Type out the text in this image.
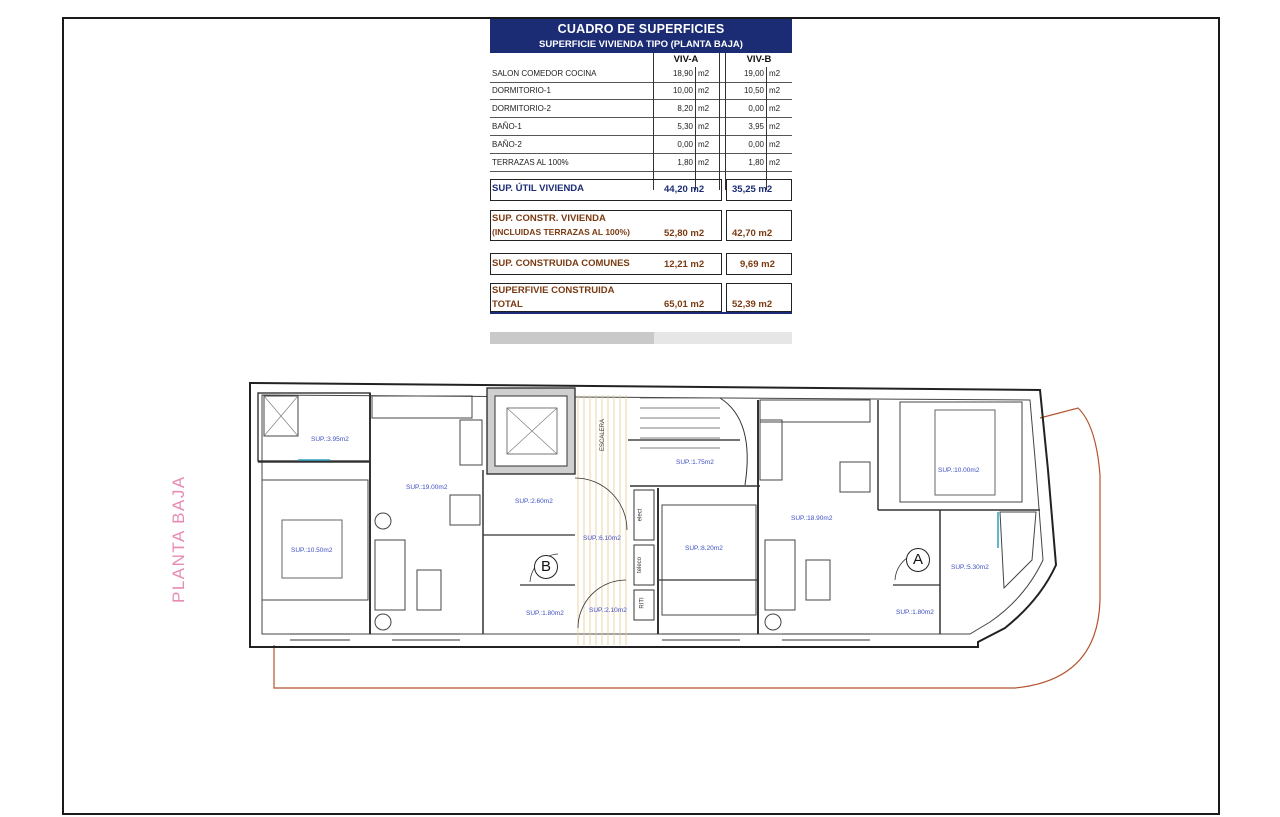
CUADRO DE SUPERFICIES
SUPERFICIE VIVIENDA TIPO (PLANTA BAJA)
VIV-A	VIV-B
SALON COMEDOR COCINA	18,90 m2	19,00 m2
DORMITORIO-1	10,00 m2	10,50 m2
DORMITORIO-2	8,20 m2	0,00 m2
BAÑO-1	5,30 m2	3,95 m2
BAÑO-2	0,00 m2	0,00 m2
TERRAZAS AL 100%	1,80 m2	1,80 m2
SUP. ÚTIL VIVIENDA	44,20 m2	35,25 m2
SUP. CONSTR. VIVIENDA
(INCLUIDAS TERRAZAS AL 100%)	52,80 m2	42,70 m2
SUP. CONSTRUIDA COMUNES	12,21 m2	9,69 m2
SUPERFIVIE CONSTRUIDA
TOTAL	65,01 m2	52,39 m2
PLANTA BAJA
SUP.:3.95m2
SUP.:19.00m2
SUP.:10.50m2
SUP.:2.60m2
SUP.:1.80m2
SUP.:1.75m2
SUP.:6.10m2
SUP.:2.10m2
SUP.:8.20m2
SUP.:18.90m2
SUP.:10.00m2
SUP.:5.30m2
SUP.:1.80m2
elect
teleco
RITI
ESCALERA
B	A
